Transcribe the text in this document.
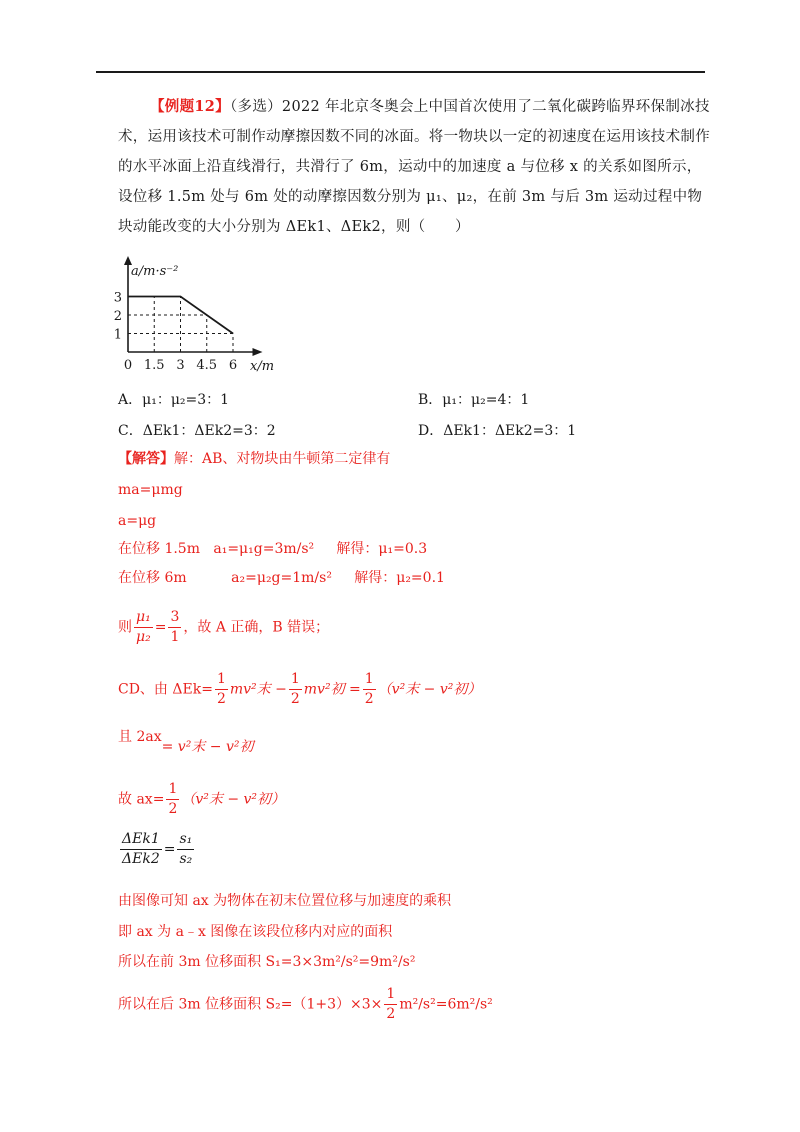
【例题12】（多选）2022 年北京冬奥会上中国首次使用了二氧化碳跨临界环保制冰技术，运用该技术可制作动摩擦因数不同的冰面。将一物块以一定的初速度在运用该技术制作的水平冰面上沿直线滑行，共滑行了 6m，运动中的加速度 a 与位移 x 的关系如图所示，设位移 1.5m 处与 6m 处的动摩擦因数分别为 μ₁、μ₂，在前 3m 与后 3m 运动过程中物块动能改变的大小分别为 ΔEk1、ΔEk2，则（　　）
0 1.5 3 4.5 6
1
2
3
a/m·s⁻²
x/m
A．μ₁：μ₂=3：1	B．μ₁：μ₂=4：1
C．ΔEk1：ΔEk2=3：2	D．ΔEk1：ΔEk2=3：1
【解答】解：AB、对物块由牛顿第二定律有
ma=μmg
a=μg
在位移 1.5m a₁=μ₁g=3m/s² 解得：μ₁=0.3
在位移 6m	a₂=μ₂g=1m/s² 解得：μ₂=0.1
则 $\frac{\text{μ₁}}{\text{μ₂}} = \frac{3}{1}$ ，故 A 正确，B 错误；
CD、由 $\Delta Ek= \frac{1}{2} mv^2$末 − $\frac{1}{2} mv^2$初 = $\frac{1}{2} (v^2$末 − v²初）
且 2ax= v²末 − v²初
故 $ax= \frac{1}{2} (v^2$末 − v²初）
$\frac{\text{ΔEk1}}{\text{ΔEk2}} = \frac{\text{s₁}}{\text{s₂}}$
由图像可知 ax 为物体在初末位置位移与加速度的乘积
即 ax 为 a﹣x 图像在该段位移内对应的面积
所以在前 3m 位移面积 S₁=3×3m²/s²=9m²/s²
所以在后 3m 位移面积 $S_2=(1+3)\times 3\times \frac{1}{2} m^2/s^2=6m^2/s^2$
